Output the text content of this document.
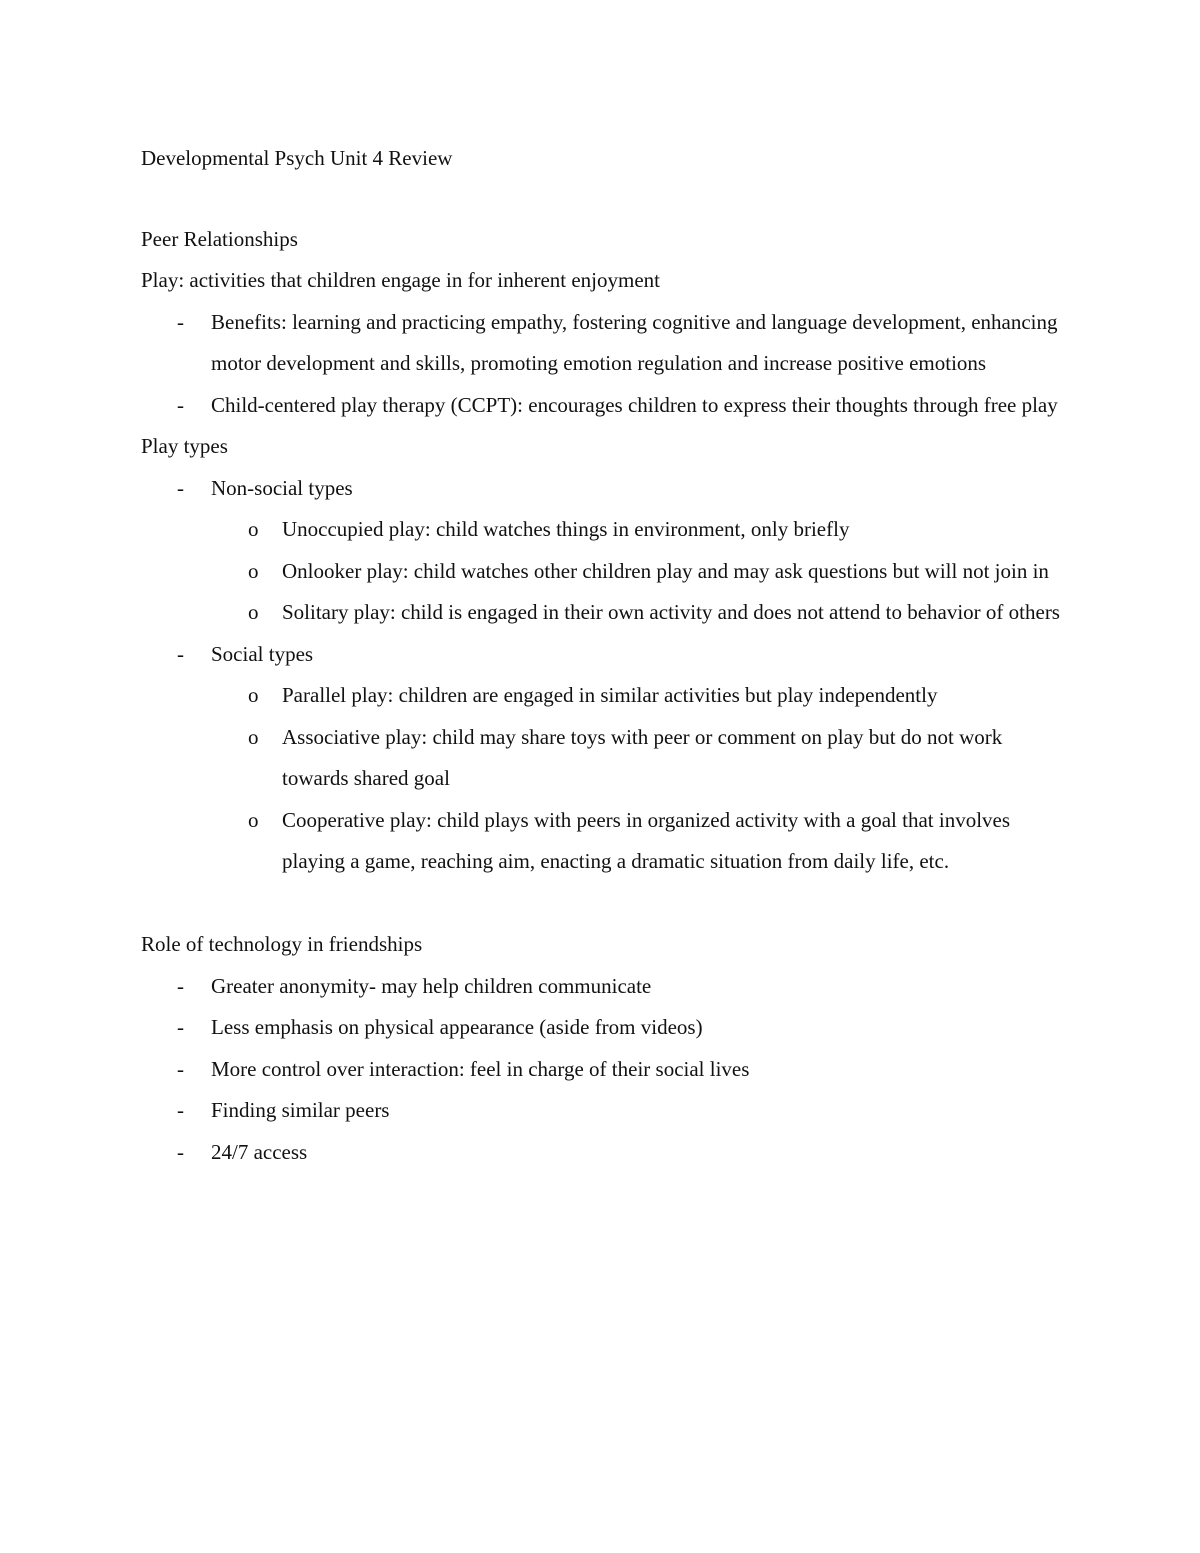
Developmental Psych Unit 4 Review
Peer Relationships
Play: activities that children engage in for inherent enjoyment
- Benefits: learning and practicing empathy, fostering cognitive and language development, enhancing motor development and skills, promoting emotion regulation and increase positive emotions
- Child-centered play therapy (CCPT): encourages children to express their thoughts through free play
Play types
- Non-social types
o Unoccupied play: child watches things in environment, only briefly
o Onlooker play: child watches other children play and may ask questions but will not join in
o Solitary play: child is engaged in their own activity and does not attend to behavior of others
- Social types
o Parallel play: children are engaged in similar activities but play independently
o Associative play: child may share toys with peer or comment on play but do not work towards shared goal
o Cooperative play: child plays with peers in organized activity with a goal that involves playing a game, reaching aim, enacting a dramatic situation from daily life, etc.
Role of technology in friendships
- Greater anonymity- may help children communicate
- Less emphasis on physical appearance (aside from videos)
- More control over interaction: feel in charge of their social lives
- Finding similar peers
- 24/7 access
